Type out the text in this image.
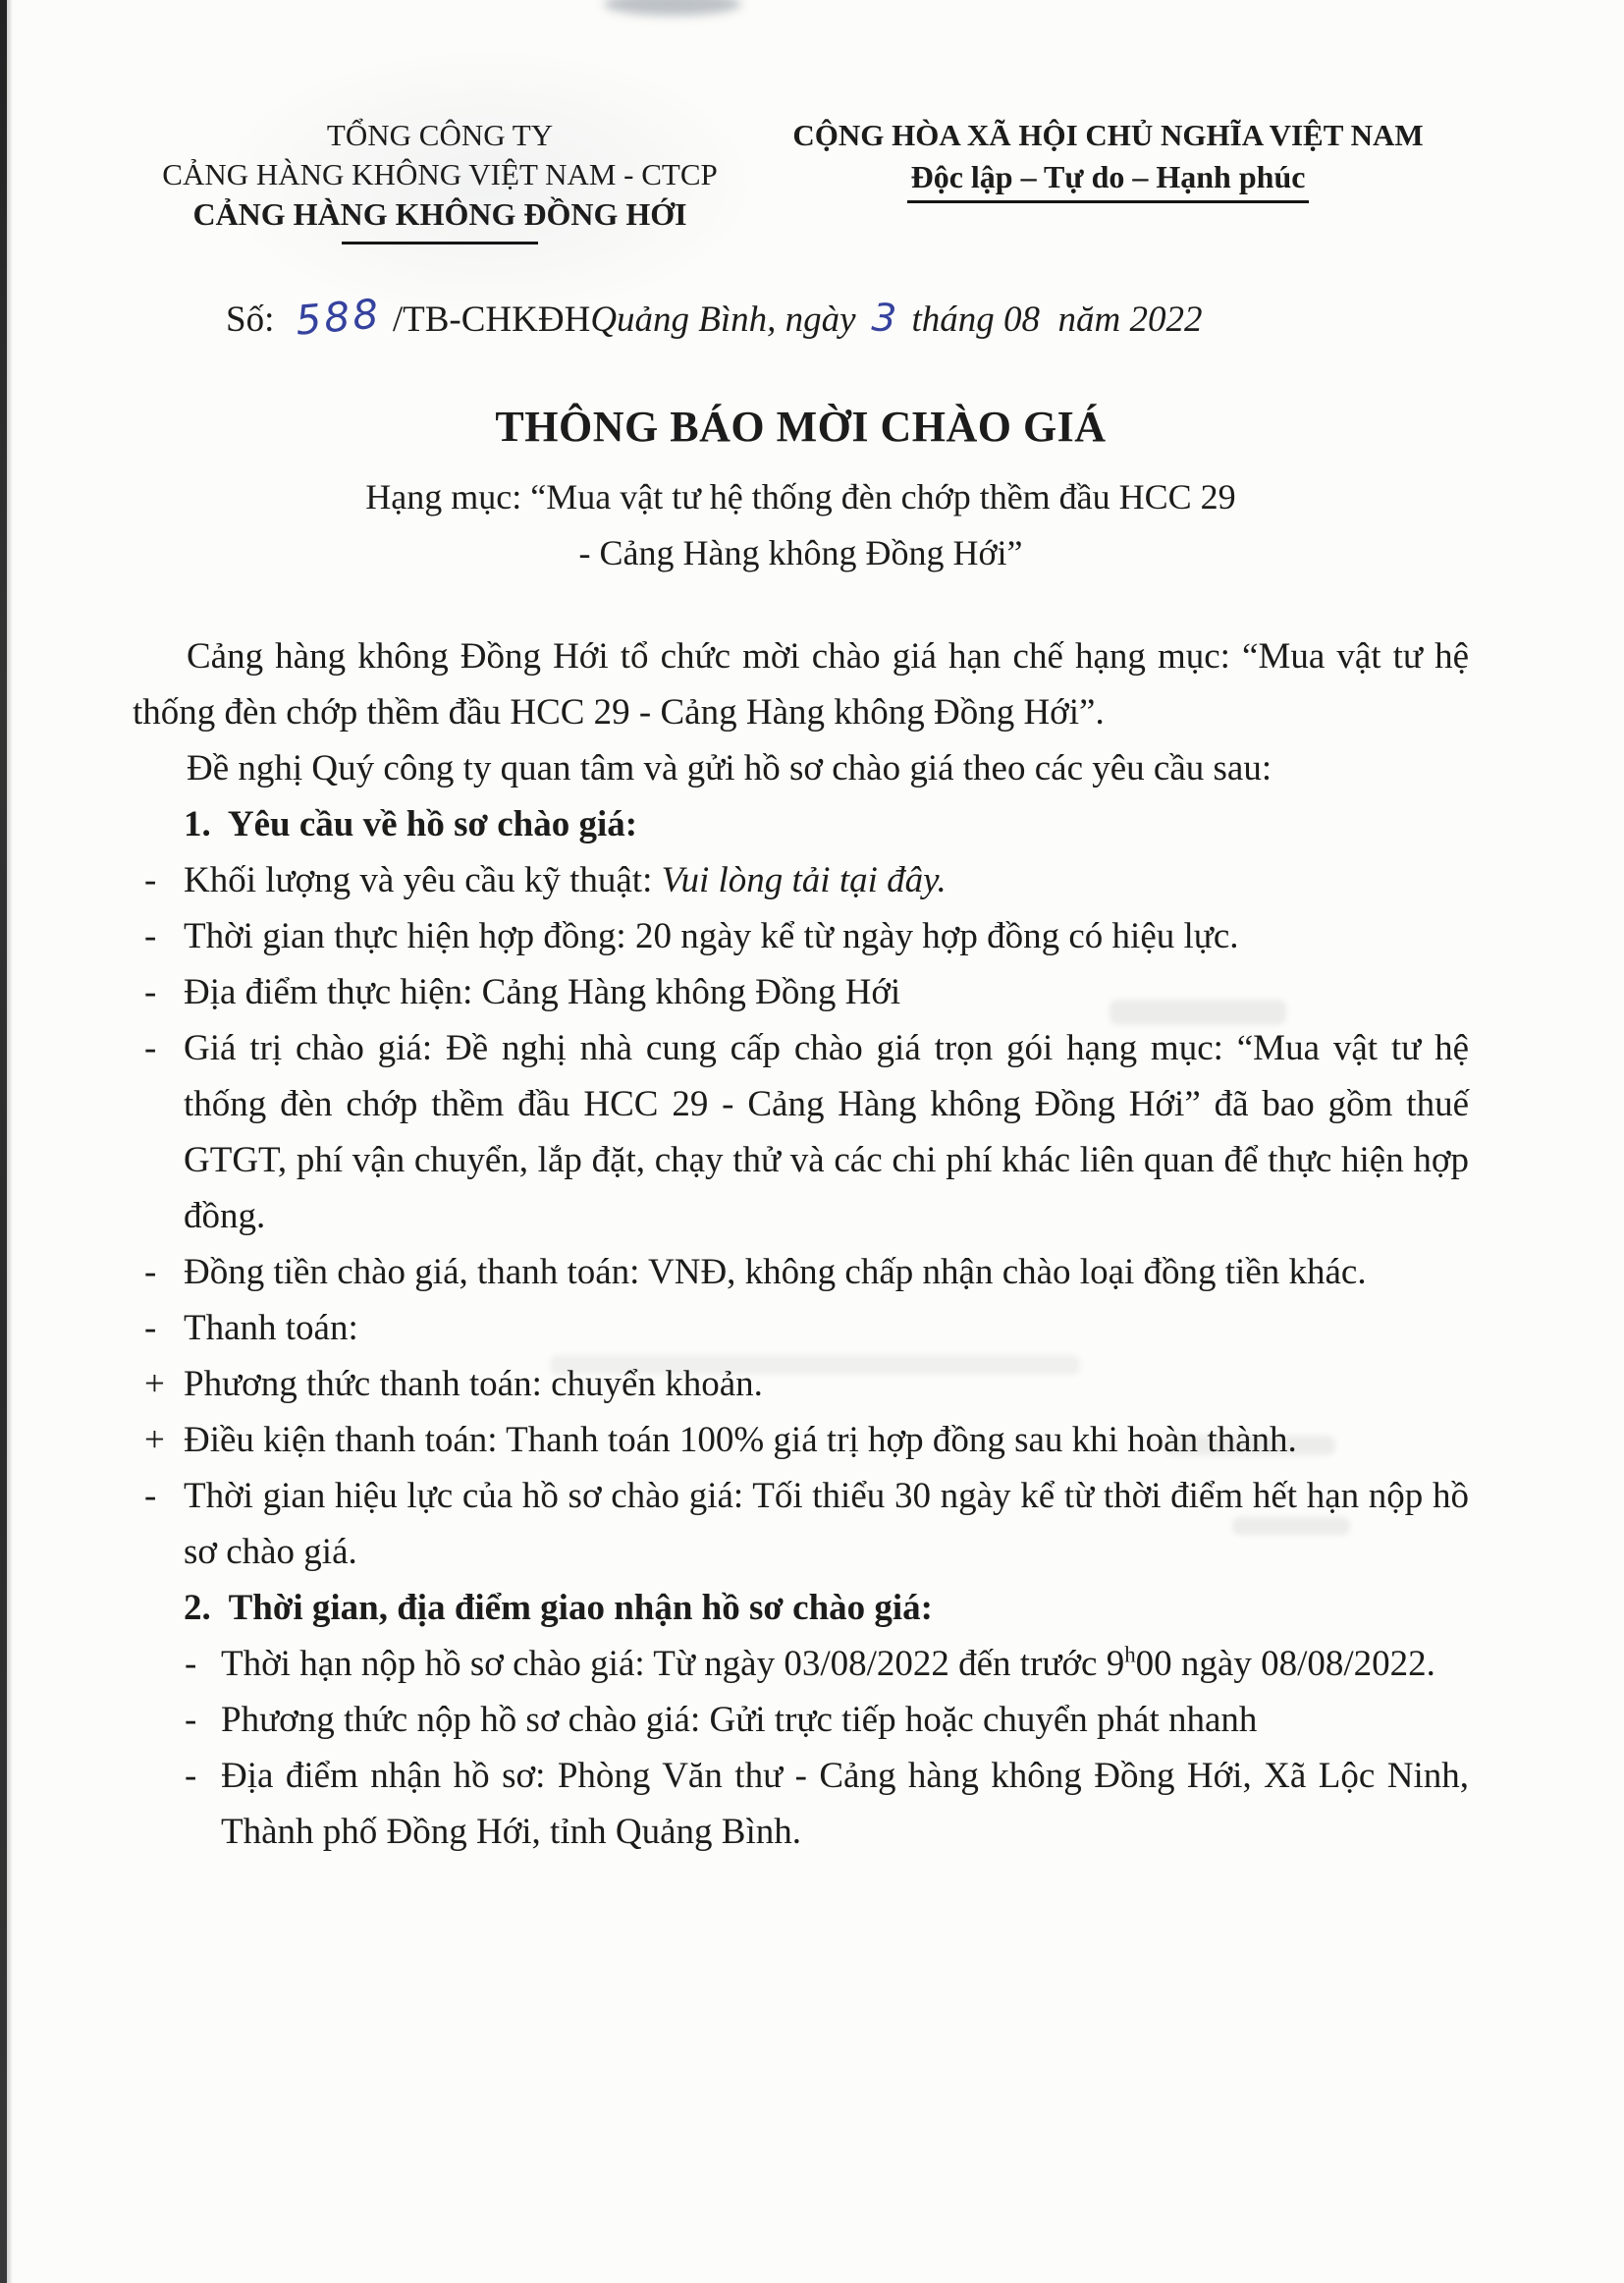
TỔNG CÔNG TY
CẢNG HÀNG KHÔNG VIỆT NAM - CTCP
CẢNG HÀNG KHÔNG ĐỒNG HỚI
CỘNG HÒA XÃ HỘI CHỦ NGHĨA VIỆT NAM
Độc lập – Tự do – Hạnh phúc
Số: 588 /TB-CHKĐH Quảng Bình, ngày 3 tháng 08  năm 2022
THÔNG BÁO MỜI CHÀO GIÁ
Hạng mục: “Mua vật tư hệ thống đèn chớp thềm đầu HCC 29
- Cảng Hàng không Đồng Hới”

Cảng hàng không Đồng Hới tổ chức mời chào giá hạn chế hạng mục: “Mua vật tư hệ thống đèn chớp thềm đầu HCC 29 - Cảng Hàng không Đồng Hới”.

Đề nghị Quý công ty quan tâm và gửi hồ sơ chào giá theo các yêu cầu sau:

1.  Yêu cầu về hồ sơ chào giá:
- Khối lượng và yêu cầu kỹ thuật: Vui lòng tải tại đây.
- Thời gian thực hiện hợp đồng: 20 ngày kể từ ngày hợp đồng có hiệu lực.
- Địa điểm thực hiện: Cảng Hàng không Đồng Hới
- Giá trị chào giá: Đề nghị nhà cung cấp chào giá trọn gói hạng mục: “Mua vật tư hệ thống đèn chớp thềm đầu HCC 29 - Cảng Hàng không Đồng Hới” đã bao gồm thuế GTGT, phí vận chuyển, lắp đặt, chạy thử và các chi phí khác liên quan để thực hiện hợp đồng.
- Đồng tiền chào giá, thanh toán: VNĐ, không chấp nhận chào loại đồng tiền khác.
- Thanh toán:
+ Phương thức thanh toán: chuyển khoản.
+ Điều kiện thanh toán: Thanh toán 100% giá trị hợp đồng sau khi hoàn thành.
- Thời gian hiệu lực của hồ sơ chào giá: Tối thiểu 30 ngày kể từ thời điểm hết hạn nộp hồ sơ chào giá.
2.  Thời gian, địa điểm giao nhận hồ sơ chào giá:
- Thời hạn nộp hồ sơ chào giá: Từ ngày 03/08/2022 đến trước 9$^h$00 ngày 08/08/2022.
- Phương thức nộp hồ sơ chào giá: Gửi trực tiếp hoặc chuyển phát nhanh
- Địa điểm nhận hồ sơ: Phòng Văn thư - Cảng hàng không Đồng Hới, Xã Lộc Ninh, Thành phố Đồng Hới, tỉnh Quảng Bình.
